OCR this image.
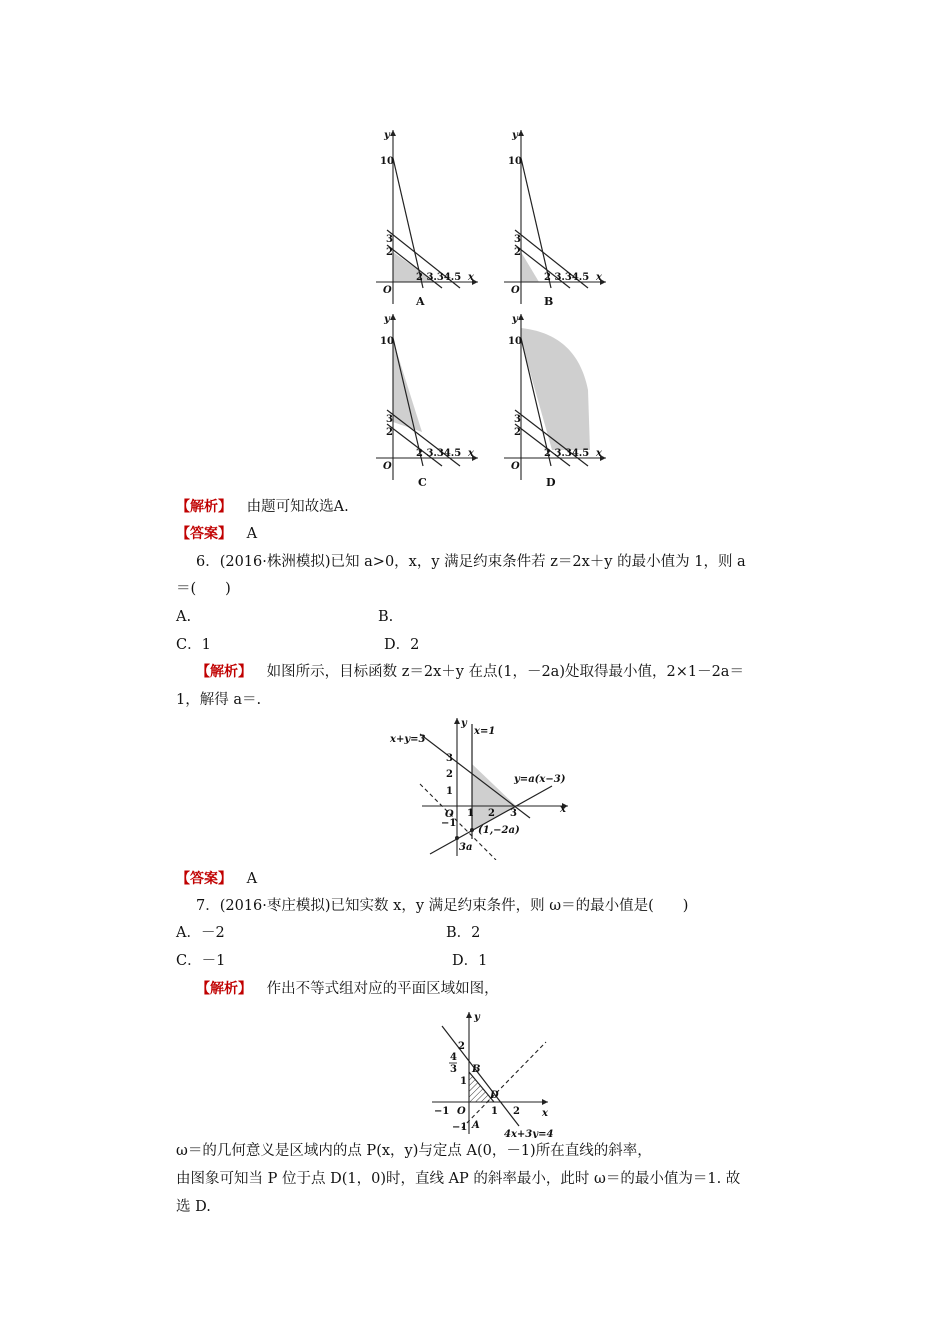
y
x
O
10
3
2
2 3.34.5
A
y
x
O
10
3
2
2 3.34.5
B
y
x
O
10
3
2
2 3.34.5
C
y
x
O
10
3
2
2 3.34.5
D
【解析】 由题可知故选A.
【答案】 A
6．(2016·株洲模拟)已知 a>0，x，y 满足约束条件若 z＝2x＋y 的最小值为 1，则 a
＝(　　)
A.	B.
C．1	D．2
【解析】 如图所示，目标函数 z＝2x＋y 在点(1，－2a)处取得最小值，2×1－2a＝
1，解得 a＝.
x+y=3
x=1
y
x
y=a(x−3)
O 1 2 3
3
2
1
−1
(1,−2a)
3a
【答案】 A
7．(2016·枣庄模拟)已知实数 x，y 满足约束条件，则 ω＝的最小值是(　　)
A．－2	B．2
C．－1	D．1
【解析】 作出不等式组对应的平面区域如图，
y
x
2
4
3
1
B
D
A
O
−1	1 2
−1
4x+3y=4
ω＝的几何意义是区域内的点 P(x，y)与定点 A(0，－1)所在直线的斜率，
由图象可知当 P 位于点 D(1，0)时，直线 AP 的斜率最小，此时 ω＝的最小值为＝1. 故
选 D.
